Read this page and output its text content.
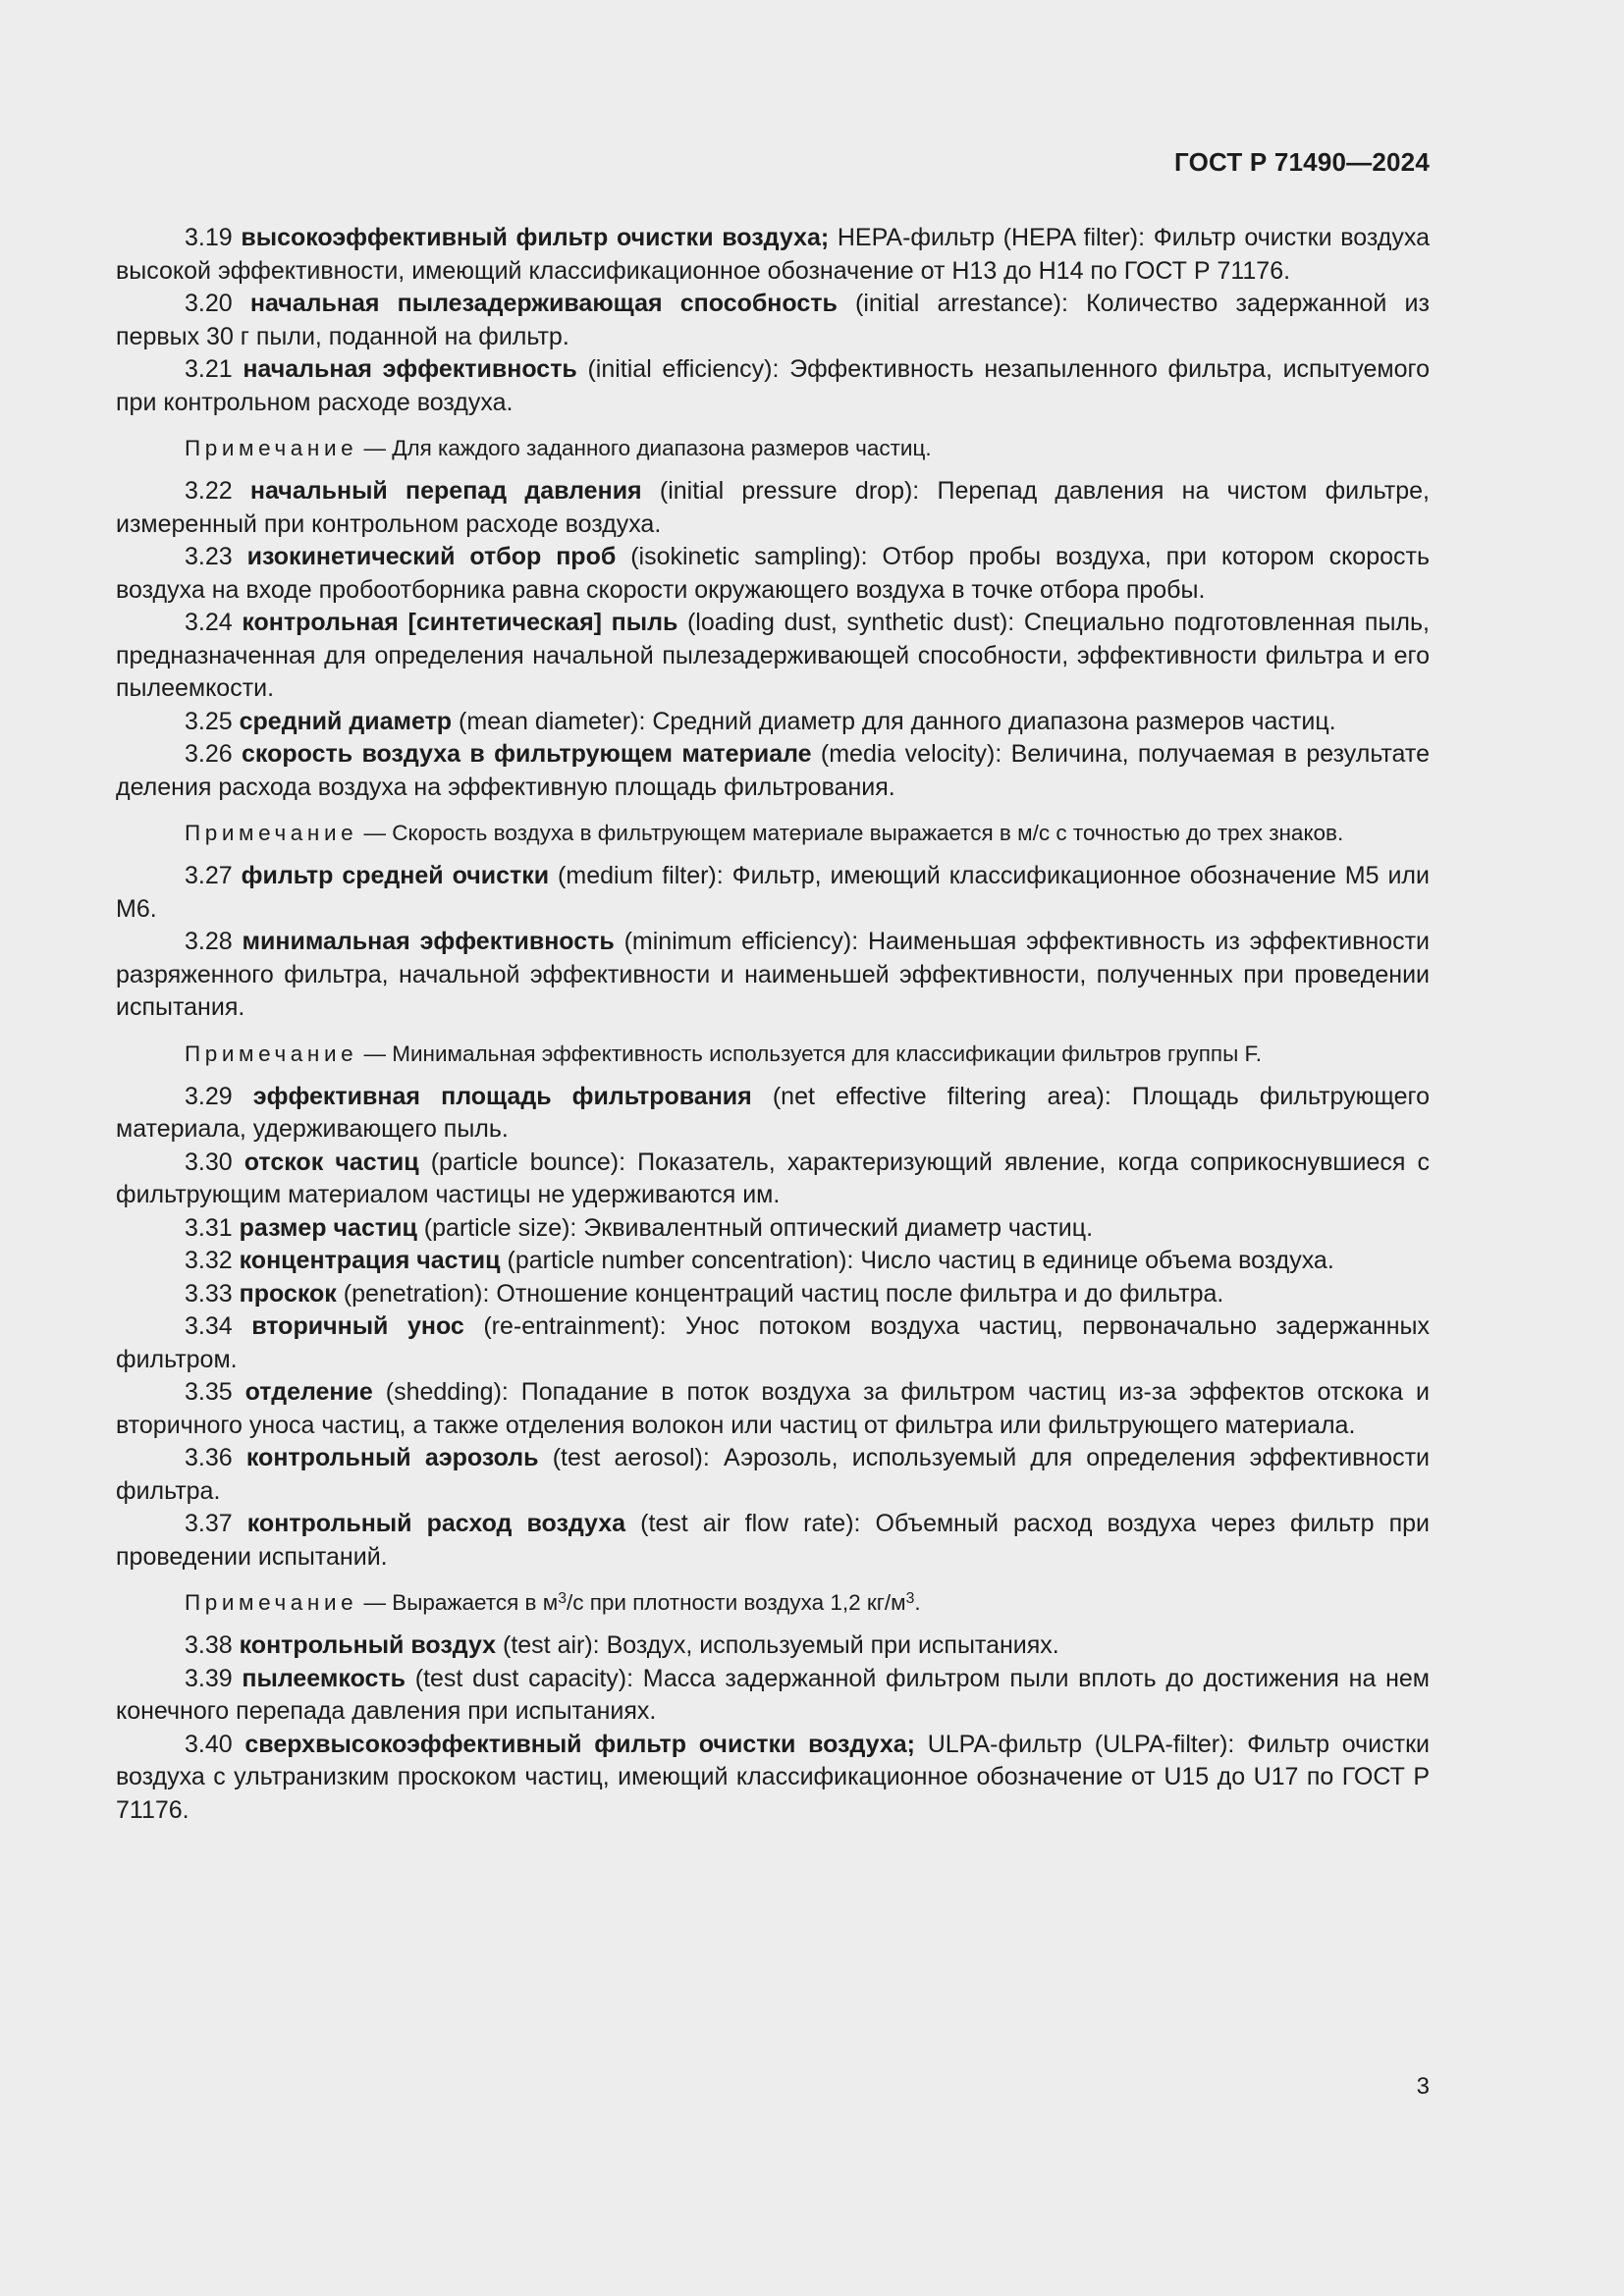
ГОСТ Р 71490—2024

3.19 высокоэффективный фильтр очистки воздуха; HEPA-фильтр (HEPA filter): Фильтр очистки воздуха высокой эффективности, имеющий классификационное обозначение от Н13 до Н14 по ГОСТ Р 71176.

3.20 начальная пылезадерживающая способность (initial arrestance): Количество задержанной из первых 30 г пыли, поданной на фильтр.

3.21 начальная эффективность (initial efficiency): Эффективность незапыленного фильтра, испытуемого при контрольном расходе воздуха.

Примечание — Для каждого заданного диапазона размеров частиц.

3.22 начальный перепад давления (initial pressure drop): Перепад давления на чистом фильтре, измеренный при контрольном расходе воздуха.

3.23 изокинетический отбор проб (isokinetic sampling): Отбор пробы воздуха, при котором скорость воздуха на входе пробоотборника равна скорости окружающего воздуха в точке отбора пробы.

3.24 контрольная [синтетическая] пыль (loading dust, synthetic dust): Специально подготовленная пыль, предназначенная для определения начальной пылезадерживающей способности, эффективности фильтра и его пылеемкости.

3.25 средний диаметр (mean diameter): Средний диаметр для данного диапазона размеров частиц.

3.26 скорость воздуха в фильтрующем материале (media velocity): Величина, получаемая в результате деления расхода воздуха на эффективную площадь фильтрования.

Примечание — Скорость воздуха в фильтрующем материале выражается в м/с с точностью до трех знаков.

3.27 фильтр средней очистки (medium filter): Фильтр, имеющий классификационное обозначение М5 или М6.

3.28 минимальная эффективность (minimum efficiency): Наименьшая эффективность из эффективности разряженного фильтра, начальной эффективности и наименьшей эффективности, полученных при проведении испытания.

Примечание — Минимальная эффективность используется для классификации фильтров группы F.

3.29 эффективная площадь фильтрования (net effective filtering area): Площадь фильтрующего материала, удерживающего пыль.

3.30 отскок частиц (particle bounce): Показатель, характеризующий явление, когда соприкоснувшиеся с фильтрующим материалом частицы не удерживаются им.

3.31 размер частиц (particle size): Эквивалентный оптический диаметр частиц.

3.32 концентрация частиц (particle number concentration): Число частиц в единице объема воздуха.

3.33 проскок (penetration): Отношение концентраций частиц после фильтра и до фильтра.

3.34 вторичный унос (re-entrainment): Унос потоком воздуха частиц, первоначально задержанных фильтром.

3.35 отделение (shedding): Попадание в поток воздуха за фильтром частиц из-за эффектов отскока и вторичного уноса частиц, а также отделения волокон или частиц от фильтра или фильтрующего материала.

3.36 контрольный аэрозоль (test aerosol): Аэрозоль, используемый для определения эффективности фильтра.

3.37 контрольный расход воздуха (test air flow rate): Объемный расход воздуха через фильтр при проведении испытаний.

Примечание — Выражается в $м^3/с$ при плотности воздуха 1,2 $кг/м^3$.

3.38 контрольный воздух (test air): Воздух, используемый при испытаниях.

3.39 пылеемкость (test dust capacity): Масса задержанной фильтром пыли вплоть до достижения на нем конечного перепада давления при испытаниях.

3.40 сверхвысокоэффективный фильтр очистки воздуха; ULPA-фильтр (ULPA-filter): Фильтр очистки воздуха с ультранизким проскоком частиц, имеющий классификационное обозначение от U15 до U17 по ГОСТ Р 71176.

3
